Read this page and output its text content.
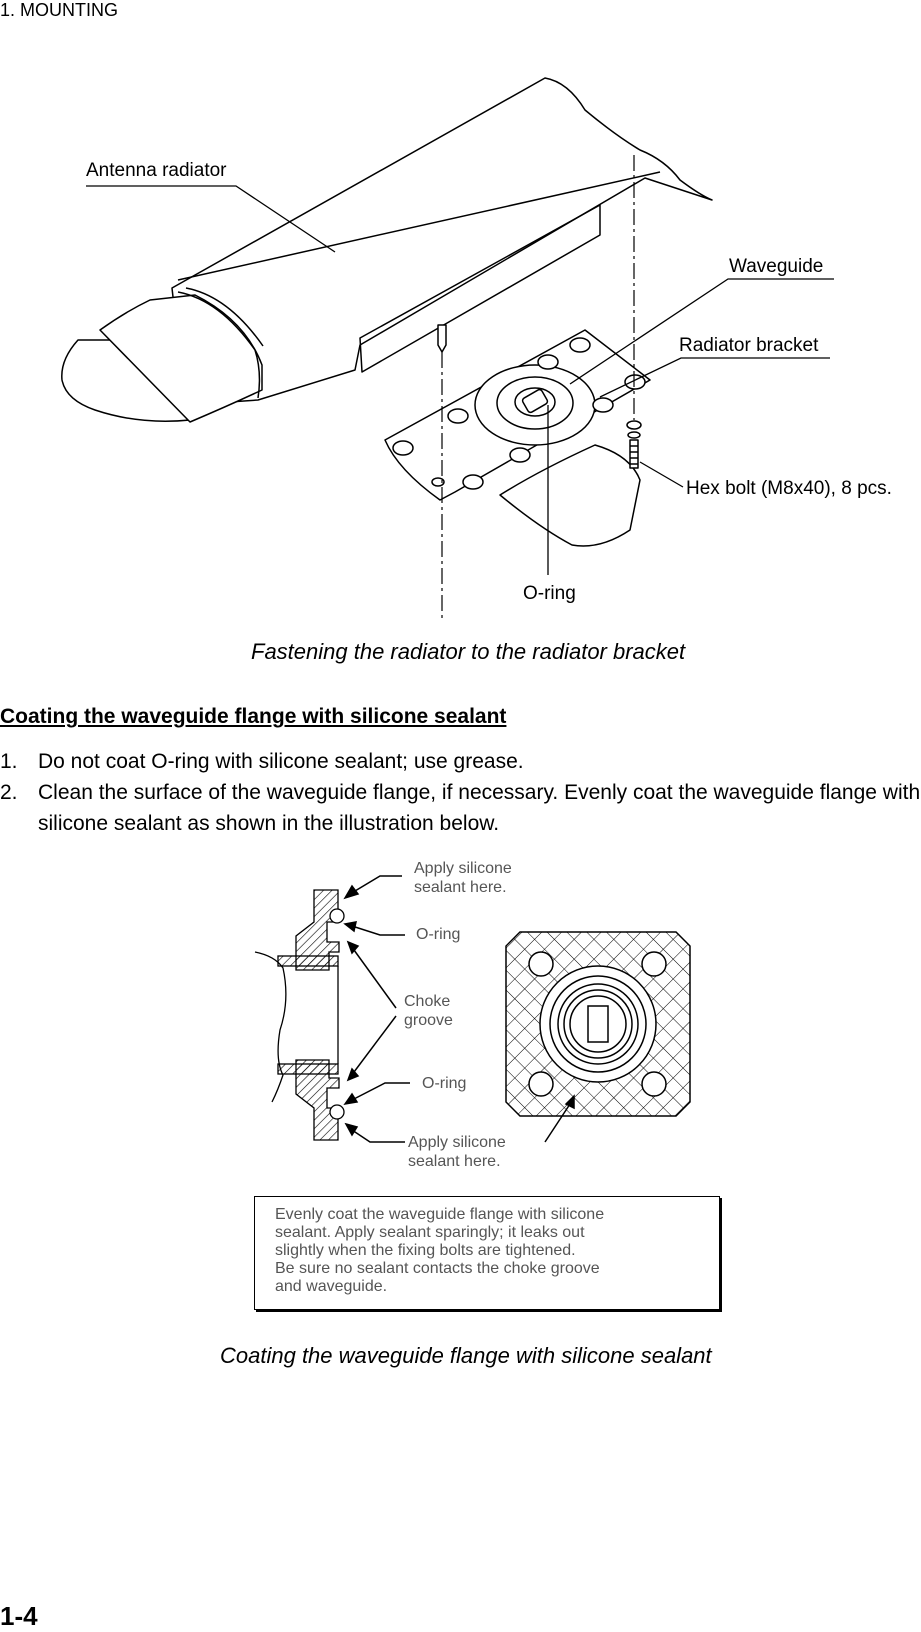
1. MOUNTING
Antenna radiator
Waveguide
Radiator bracket
Hex bolt (M8x40), 8 pcs.
O-ring
Fastening the radiator to the radiator bracket
Coating the waveguide flange with silicone sealant
1. Do not coat O-ring with silicone sealant; use grease.
2. Clean the surface of the waveguide flange, if necessary. Evenly coat the waveguide flange with silicone sealant as shown in the illustration below.
Apply silicone
sealant here.
O-ring
Choke
groove
O-ring
Apply silicone
sealant here.
Evenly coat the waveguide flange with silicone
sealant. Apply sealant sparingly; it leaks out
slightly when the fixing bolts are tightened.
Be sure no sealant contacts the choke groove
and waveguide.
Coating the waveguide flange with silicone sealant
1-4
